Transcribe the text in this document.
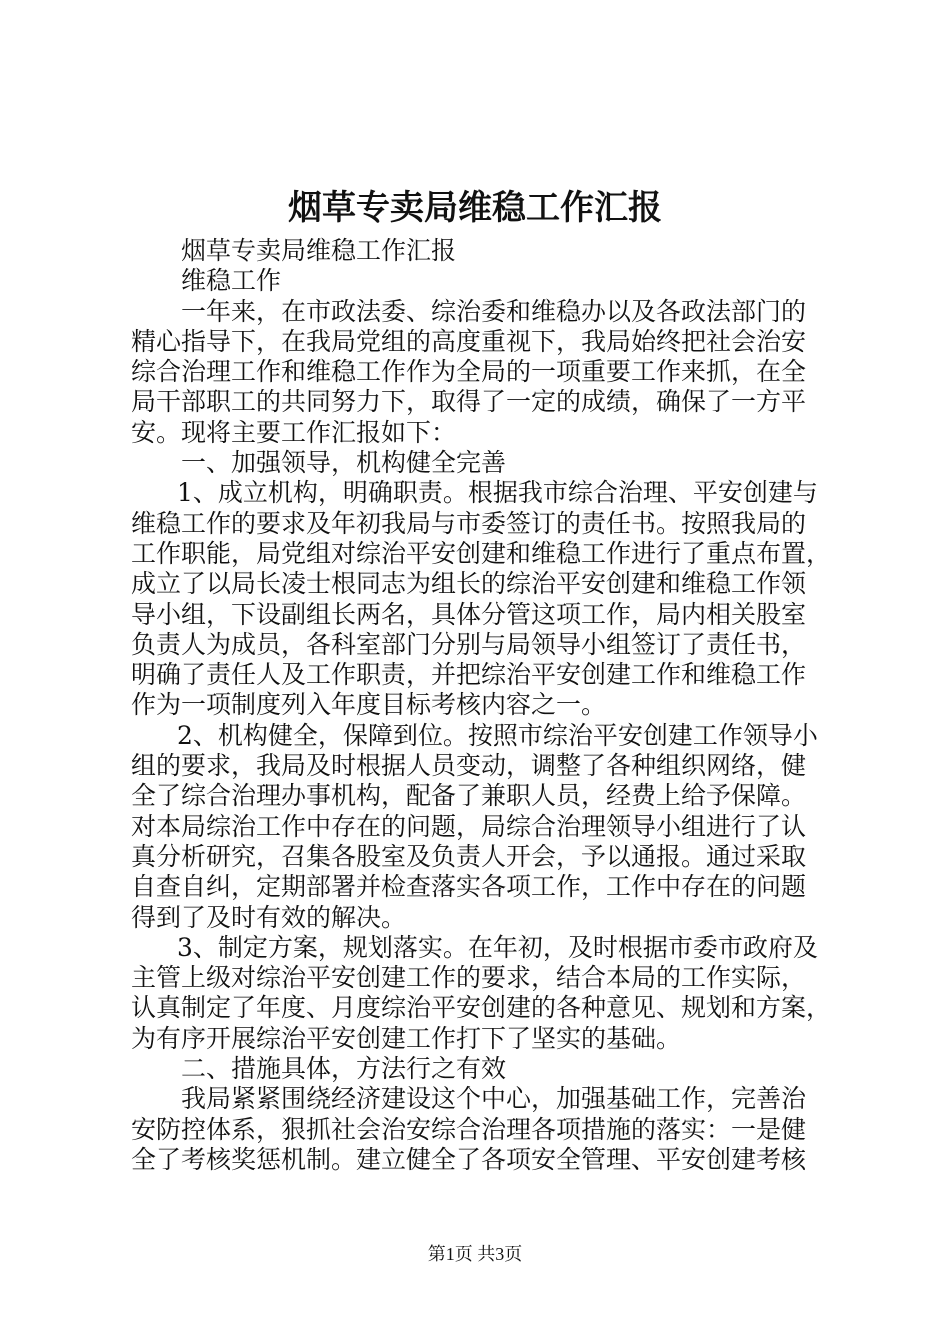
烟草专卖局维稳工作汇报
烟草专卖局维稳工作汇报
维稳工作
一年来，在市政法委、综治委和维稳办以及各政法部门的
精心指导下，在我局党组的高度重视下，我局始终把社会治安
综合治理工作和维稳工作作为全局的一项重要工作来抓，在全
局干部职工的共同努力下，取得了一定的成绩，确保了一方平
安。现将主要工作汇报如下：
一、加强领导，机构健全完善
1、成立机构，明确职责。根据我市综合治理、平安创建与
维稳工作的要求及年初我局与市委签订的责任书。按照我局的
工作职能，局党组对综治平安创建和维稳工作进行了重点布置，
成立了以局长凌士根同志为组长的综治平安创建和维稳工作领
导小组，下设副组长两名，具体分管这项工作，局内相关股室
负责人为成员，各科室部门分别与局领导小组签订了责任书，
明确了责任人及工作职责，并把综治平安创建工作和维稳工作
作为一项制度列入年度目标考核内容之一。
2、机构健全，保障到位。按照市综治平安创建工作领导小
组的要求，我局及时根据人员变动，调整了各种组织网络，健
全了综合治理办事机构，配备了兼职人员，经费上给予保障。
对本局综治工作中存在的问题，局综合治理领导小组进行了认
真分析研究，召集各股室及负责人开会，予以通报。通过采取
自查自纠，定期部署并检查落实各项工作，工作中存在的问题
得到了及时有效的解决。
3、制定方案，规划落实。在年初，及时根据市委市政府及
主管上级对综治平安创建工作的要求，结合本局的工作实际，
认真制定了年度、月度综治平安创建的各种意见、规划和方案，
为有序开展综治平安创建工作打下了坚实的基础。
二、措施具体，方法行之有效
我局紧紧围绕经济建设这个中心，加强基础工作，完善治
安防控体系，狠抓社会治安综合治理各项措施的落实：一是健
全了考核奖惩机制。建立健全了各项安全管理、平安创建考核
第1页 共3页
